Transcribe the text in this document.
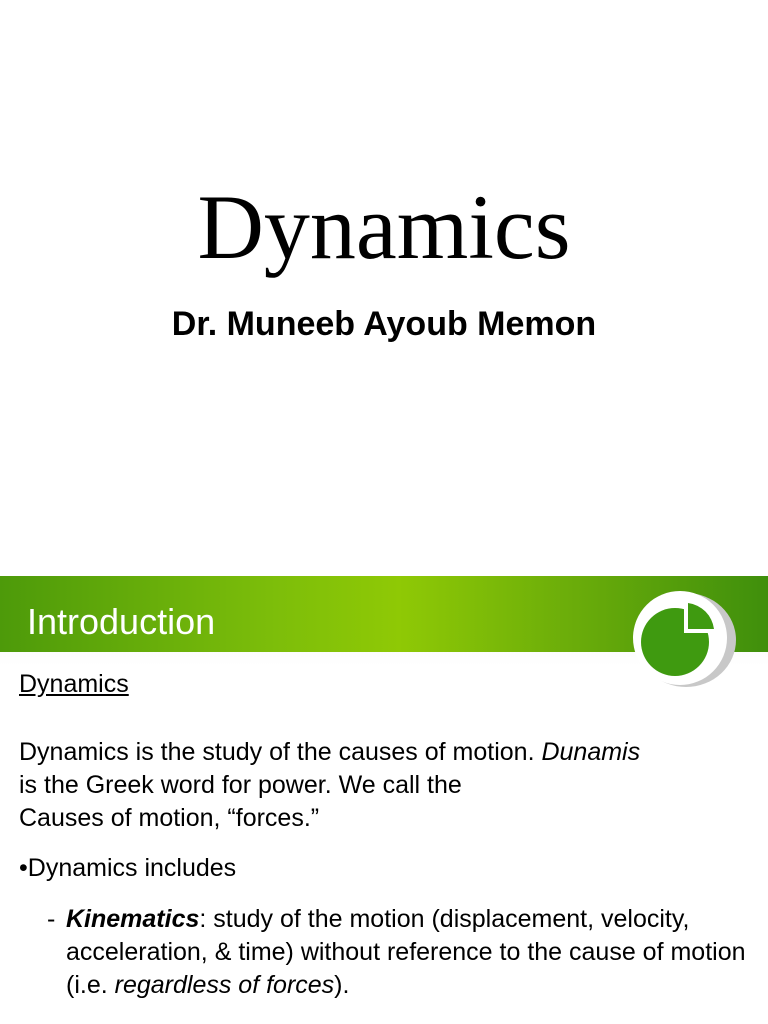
Dynamics
Dr. Muneeb Ayoub Memon
Introduction
Dynamics
Dynamics is the study of the causes of motion. Dunamis
is the Greek word for power. We call the
Causes of motion, “forces.”
•Dynamics includes
- Kinematics: study of the motion (displacement, velocity, acceleration, & time) without reference to the cause of motion (i.e. regardless of forces).
